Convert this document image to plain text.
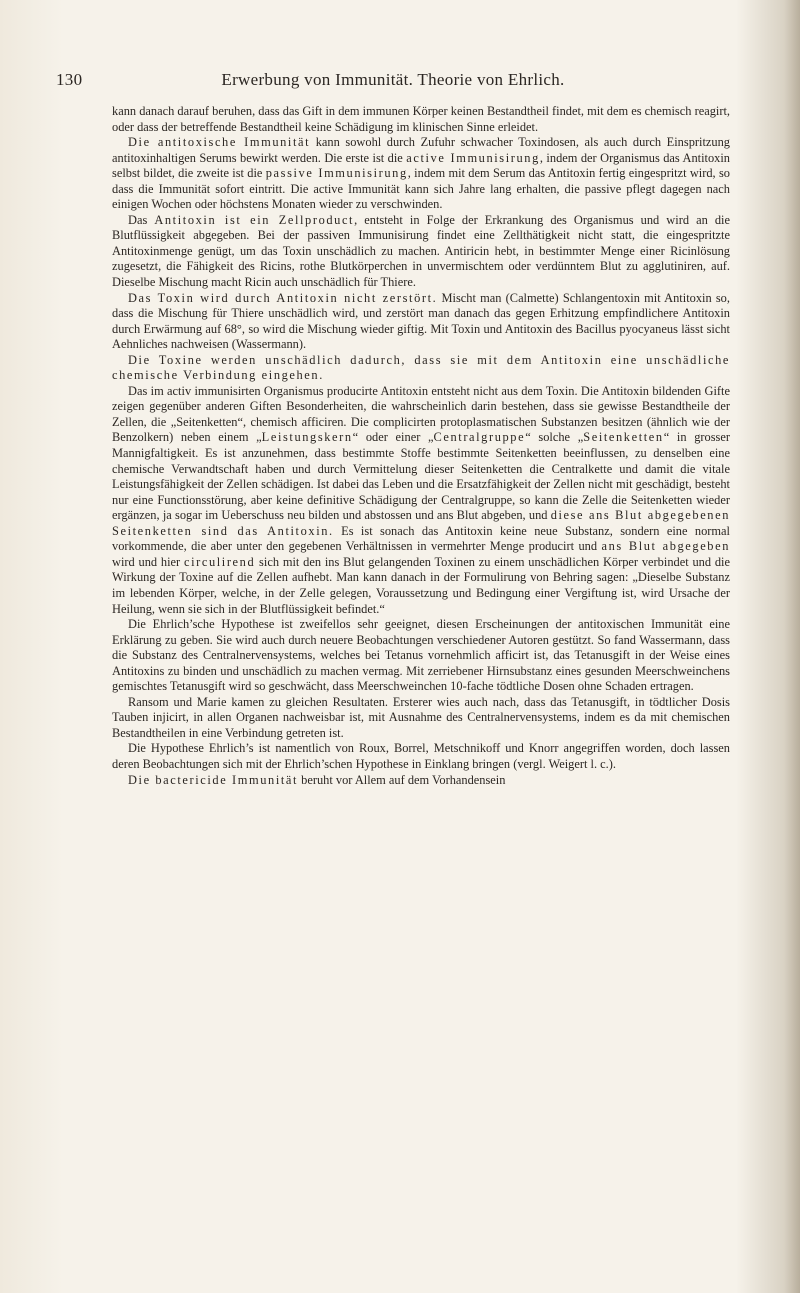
130	Erwerbung von Immunität. Theorie von Ehrlich.

kann danach darauf beruhen, dass das Gift in dem immunen Körper keinen Bestandtheil findet, mit dem es chemisch reagirt, oder dass der betreffende Bestandtheil keine Schädigung im klinischen Sinne erleidet.

Die antitoxische Immunität kann sowohl durch Zufuhr schwacher Toxindosen, als auch durch Einspritzung antitoxinhaltigen Serums bewirkt werden. Die erste ist die active Immunisirung, indem der Organismus das Antitoxin selbst bildet, die zweite ist die passive Immunisirung, indem mit dem Serum das Antitoxin fertig eingespritzt wird, so dass die Immunität sofort eintritt. Die active Immunität kann sich Jahre lang erhalten, die passive pflegt dagegen nach einigen Wochen oder höchstens Monaten wieder zu verschwinden.

Das Antitoxin ist ein Zellproduct, entsteht in Folge der Erkrankung des Organismus und wird an die Blutflüssigkeit abgegeben. Bei der passiven Immunisirung findet eine Zellthätigkeit nicht statt, die eingespritzte Antitoxinmenge genügt, um das Toxin unschädlich zu machen. Antiricin hebt, in bestimmter Menge einer Ricinlösung zugesetzt, die Fähigkeit des Ricins, rothe Blutkörperchen in unvermischtem oder verdünntem Blut zu agglutiniren, auf. Dieselbe Mischung macht Ricin auch unschädlich für Thiere.

Das Toxin wird durch Antitoxin nicht zerstört. Mischt man (Calmette) Schlangentoxin mit Antitoxin so, dass die Mischung für Thiere unschädlich wird, und zerstört man danach das gegen Erhitzung empfindlichere Antitoxin durch Erwärmung auf 68°, so wird die Mischung wieder giftig. Mit Toxin und Antitoxin des Bacillus pyocyaneus lässt sicht Aehnliches nachweisen (Wassermann).

Die Toxine werden unschädlich dadurch, dass sie mit dem Antitoxin eine unschädliche chemische Verbindung eingehen.

Das im activ immunisirten Organismus producirte Antitoxin entsteht nicht aus dem Toxin. Die Antitoxin bildenden Gifte zeigen gegenüber anderen Giften Besonderheiten, die wahrscheinlich darin bestehen, dass sie gewisse Bestandtheile der Zellen, die „Seitenketten“, chemisch afficiren. Die complicirten protoplasmatischen Substanzen besitzen (ähnlich wie der Benzolkern) neben einem „Leistungskern“ oder einer „Centralgruppe“ solche „Seitenketten“ in grosser Mannigfaltigkeit. Es ist anzunehmen, dass bestimmte Stoffe bestimmte Seitenketten beeinflussen, zu denselben eine chemische Verwandtschaft haben und durch Vermittelung dieser Seitenketten die Centralkette und damit die vitale Leistungsfähigkeit der Zellen schädigen. Ist dabei das Leben und die Ersatzfähigkeit der Zellen nicht mit geschädigt, besteht nur eine Functionsstörung, aber keine definitive Schädigung der Centralgruppe, so kann die Zelle die Seitenketten wieder ergänzen, ja sogar im Ueberschuss neu bilden und abstossen und ans Blut abgeben, und diese ans Blut abgegebenen Seitenketten sind das Antitoxin. Es ist sonach das Antitoxin keine neue Substanz, sondern eine normal vorkommende, die aber unter den gegebenen Verhältnissen in vermehrter Menge producirt und ans Blut abgegeben wird und hier circulirend sich mit den ins Blut gelangenden Toxinen zu einem unschädlichen Körper verbindet und die Wirkung der Toxine auf die Zellen aufhebt. Man kann danach in der Formulirung von Behring sagen: „Dieselbe Substanz im lebenden Körper, welche, in der Zelle gelegen, Voraussetzung und Bedingung einer Vergiftung ist, wird Ursache der Heilung, wenn sie sich in der Blutflüssigkeit befindet.“

Die Ehrlich’sche Hypothese ist zweifellos sehr geeignet, diesen Erscheinungen der antitoxischen Immunität eine Erklärung zu geben. Sie wird auch durch neuere Beobachtungen verschiedener Autoren gestützt. So fand Wassermann, dass die Substanz des Centralnervensystems, welches bei Tetanus vornehmlich afficirt ist, das Tetanusgift in der Weise eines Antitoxins zu binden und unschädlich zu machen vermag. Mit zerriebener Hirnsubstanz eines gesunden Meerschweinchens gemischtes Tetanusgift wird so geschwächt, dass Meerschweinchen 10-fache tödtliche Dosen ohne Schaden ertragen.

Ransom und Marie kamen zu gleichen Resultaten. Ersterer wies auch nach, dass das Tetanusgift, in tödtlicher Dosis Tauben injicirt, in allen Organen nachweisbar ist, mit Ausnahme des Centralnervensystems, indem es da mit chemischen Bestandtheilen in eine Verbindung getreten ist.

Die Hypothese Ehrlich’s ist namentlich von Roux, Borrel, Metschnikoff und Knorr angegriffen worden, doch lassen deren Beobachtungen sich mit der Ehrlich’schen Hypothese in Einklang bringen (vergl. Weigert l. c.).

Die bactericide Immunität beruht vor Allem auf dem Vorhandensein
